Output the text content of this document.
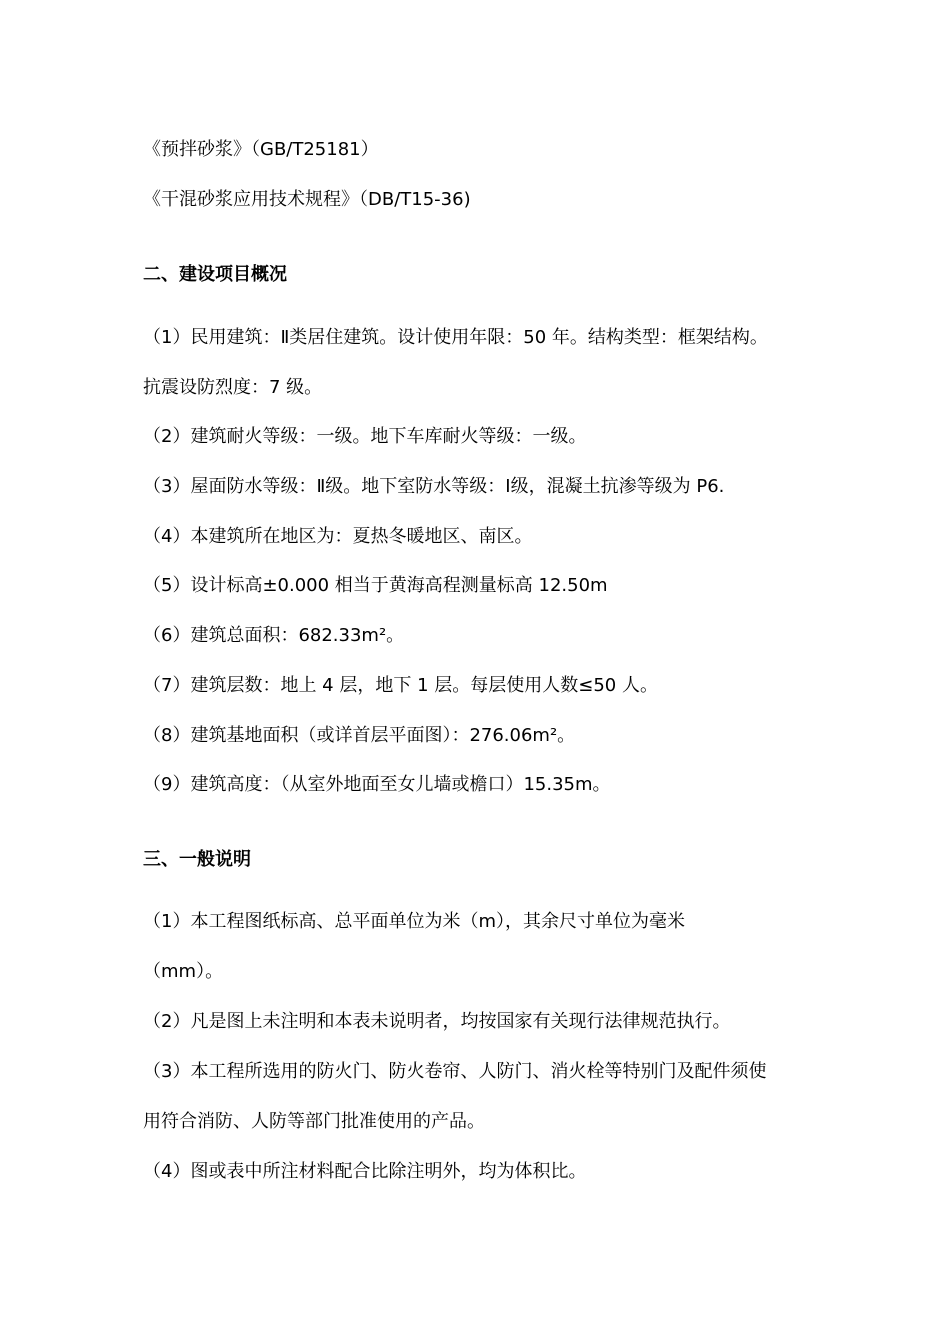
《预拌砂浆》（GB/T25181）

《干混砂浆应用技术规程》（DB/T15-36)

二、建设项目概况

（1）民用建筑：Ⅱ类居住建筑。设计使用年限：50 年。结构类型：框架结构。

抗震设防烈度：7 级。

（2）建筑耐火等级：一级。地下车库耐火等级：一级。

（3）屋面防水等级：Ⅱ级。地下室防水等级：Ⅰ级，混凝土抗渗等级为 P6.

（4）本建筑所在地区为：夏热冬暖地区、南区。

（5）设计标高±0.000 相当于黄海高程测量标高 12.50m

（6）建筑总面积：682.33m²。

（7）建筑层数：地上 4 层，地下 1 层。每层使用人数≤50 人。

（8）建筑基地面积（或详首层平面图）：276.06m²。

（9）建筑高度：（从室外地面至女儿墙或檐口）15.35m。

三、一般说明

（1）本工程图纸标高、总平面单位为米（m），其余尺寸单位为毫米

（mm）。

（2）凡是图上未注明和本表未说明者，均按国家有关现行法律规范执行。

（3）本工程所选用的防火门、防火卷帘、人防门、消火栓等特别门及配件须使

用符合消防、人防等部门批准使用的产品。

（4）图或表中所注材料配合比除注明外，均为体积比。
